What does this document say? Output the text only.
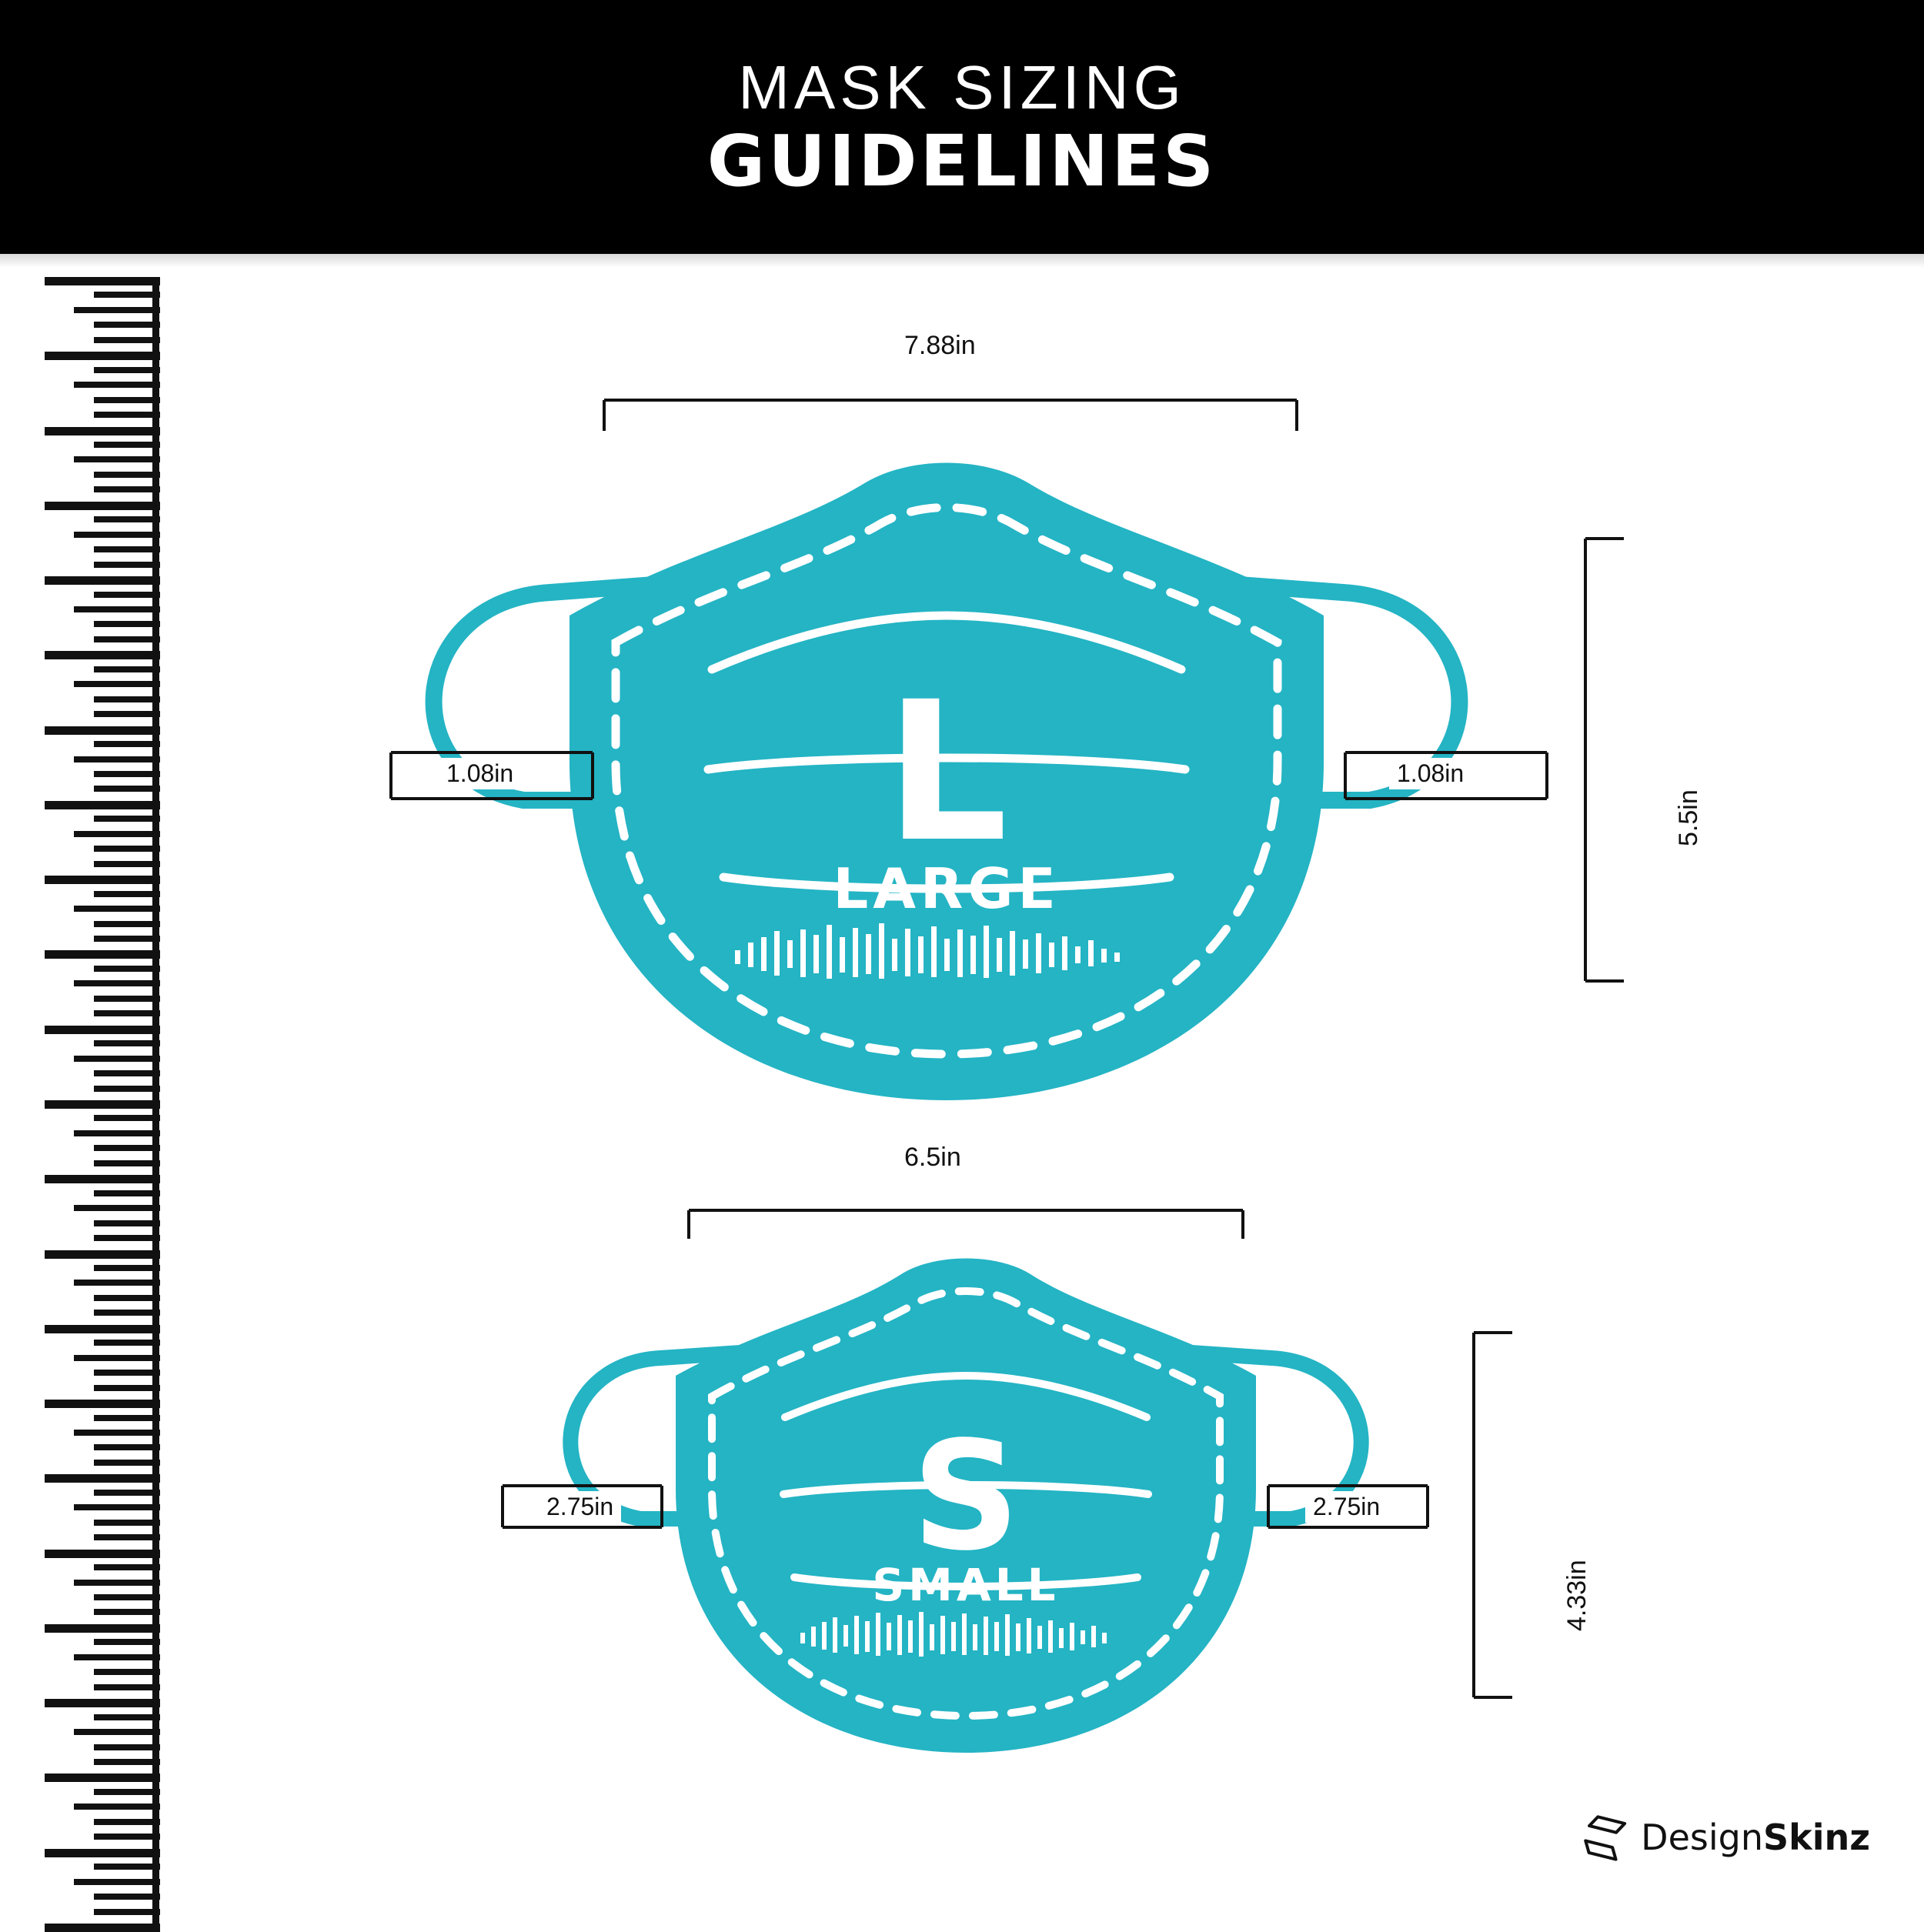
MASK SIZING
GUIDELINES
L
LARGE
7.88in
5.5in
1.08in	1.08in
S
SMALL
6.5in
4.33in
2.75in	2.75in
DesignSkinz
